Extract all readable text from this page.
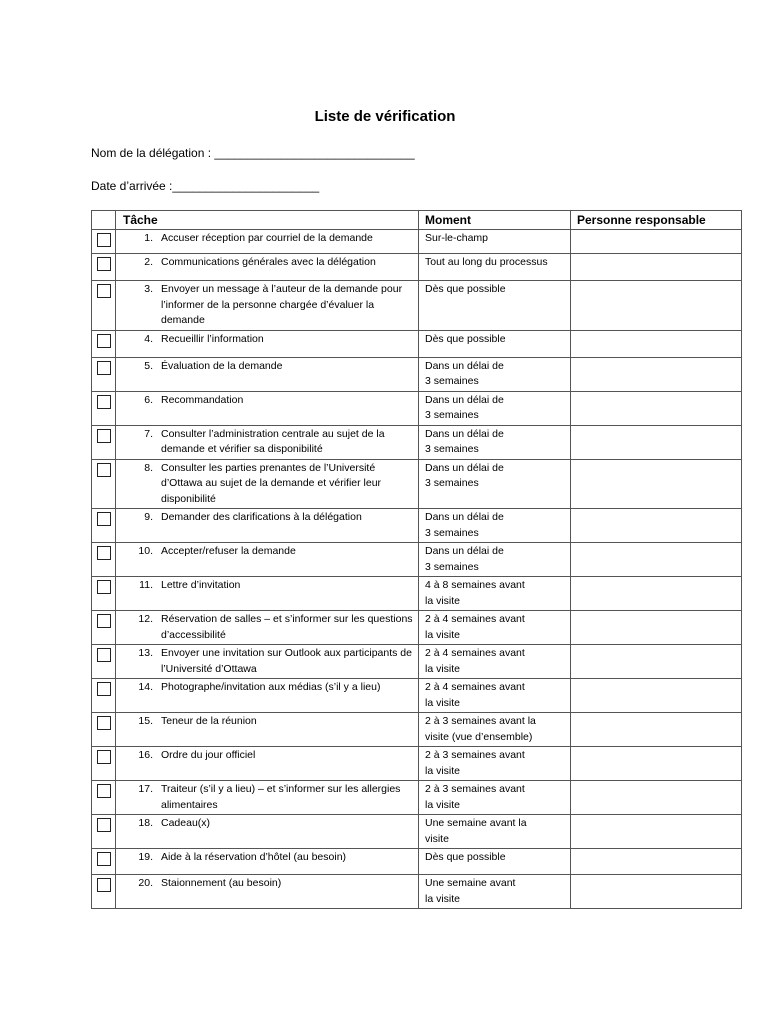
Liste de vérification
Nom de la délégation : ______________________________
Date d’arrivée :______________________
	Tâche	Moment	Personne responsable

	1. Accuser réception par courriel de la demande	Sur-le-champ	

	2. Communications générales avec la délégation	Tout au long du processus	

	3. Envoyer un message à l’auteur de la demande pour l’informer de la personne chargée d’évaluer la demande	Dès que possible	

	4. Recueillir l’information	Dès que possible	

	5. Évaluation de la demande	Dans un délai de
3 semaines	

	6. Recommandation	Dans un délai de
3 semaines	

	7. Consulter l’administration centrale au sujet de la demande et vérifier sa disponibilité	Dans un délai de
3 semaines	

	8. Consulter les parties prenantes de l’Université d’Ottawa au sujet de la demande et vérifier leur disponibilité	Dans un délai de
3 semaines	

	9. Demander des clarifications à la délégation	Dans un délai de
3 semaines	

	10. Accepter/refuser la demande	Dans un délai de
3 semaines	

	11. Lettre d’invitation	4 à 8 semaines avant
la visite	

	12. Réservation de salles – et s’informer sur les questions d’accessibilité	2 à 4 semaines avant
la visite	

	13. Envoyer une invitation sur Outlook aux participants de l’Université d’Ottawa	2 à 4 semaines avant
la visite	

	14. Photographe/invitation aux médias (s’il y a lieu)	2 à 4 semaines avant
la visite	

	15. Teneur de la réunion	2 à 3 semaines avant la
visite (vue d’ensemble)	

	16. Ordre du jour officiel	2 à 3 semaines avant
la visite	

	17. Traiteur (s’il y a lieu) – et s’informer sur les allergies alimentaires	2 à 3 semaines avant
la visite	

	18. Cadeau(x)	Une semaine avant la
visite	

	19. Aide à la réservation d’hôtel (au besoin)	Dès que possible	

	20. Staionnement (au besoin)	Une semaine avant
la visite	
